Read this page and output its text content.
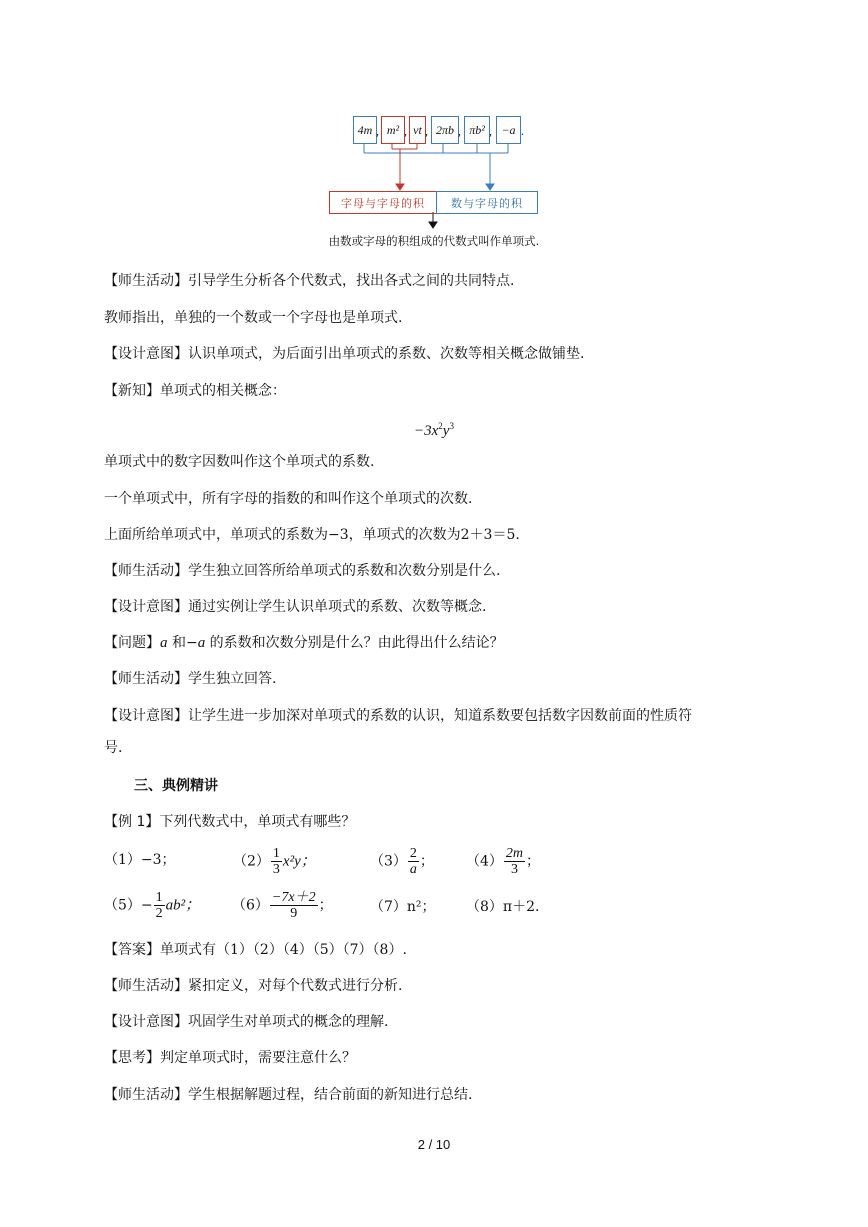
4m , m² , vt , 2πb , πb² , −a .
字母与字母的积	数与字母的积
由数或字母的积组成的代数式叫作单项式.
【师生活动】引导学生分析各个代数式，找出各式之间的共同特点.
教师指出，单独的一个数或一个字母也是单项式.
【设计意图】认识单项式，为后面引出单项式的系数、次数等相关概念做铺垫.
【新知】单项式的相关概念：
$-3x^2y^3$
单项式中的数字因数叫作这个单项式的系数.
一个单项式中，所有字母的指数的和叫作这个单项式的次数.
上面所给单项式中，单项式的系数为−3，单项式的次数为2＋3＝5.
【师生活动】学生独立回答所给单项式的系数和次数分别是什么.
【设计意图】通过实例让学生认识单项式的系数、次数等概念.
【问题】a 和−a 的系数和次数分别是什么？由此得出什么结论？
【师生活动】学生独立回答.
【设计意图】让学生进一步加深对单项式的系数的认识，知道系数要包括数字因数前面的性质符
号.
三、典例精讲
【例 1】下列代数式中，单项式有哪些？
（1）−3；	$(2) \frac{1}{3} x^2y$；	$(3) \frac{2}{a}$ ； $(4) \frac{2m}{3}$ ；
$(5)- \frac{1}{2} ab^2$； $(6) \frac{-7x+2}{9}$ ；	（7）n²； （8）π＋2.
【答案】单项式有（1）（2）（4）（5）（7）（8）.
【师生活动】紧扣定义，对每个代数式进行分析.
【设计意图】巩固学生对单项式的概念的理解.
【思考】判定单项式时，需要注意什么？
【师生活动】学生根据解题过程，结合前面的新知进行总结.
2 / 10
